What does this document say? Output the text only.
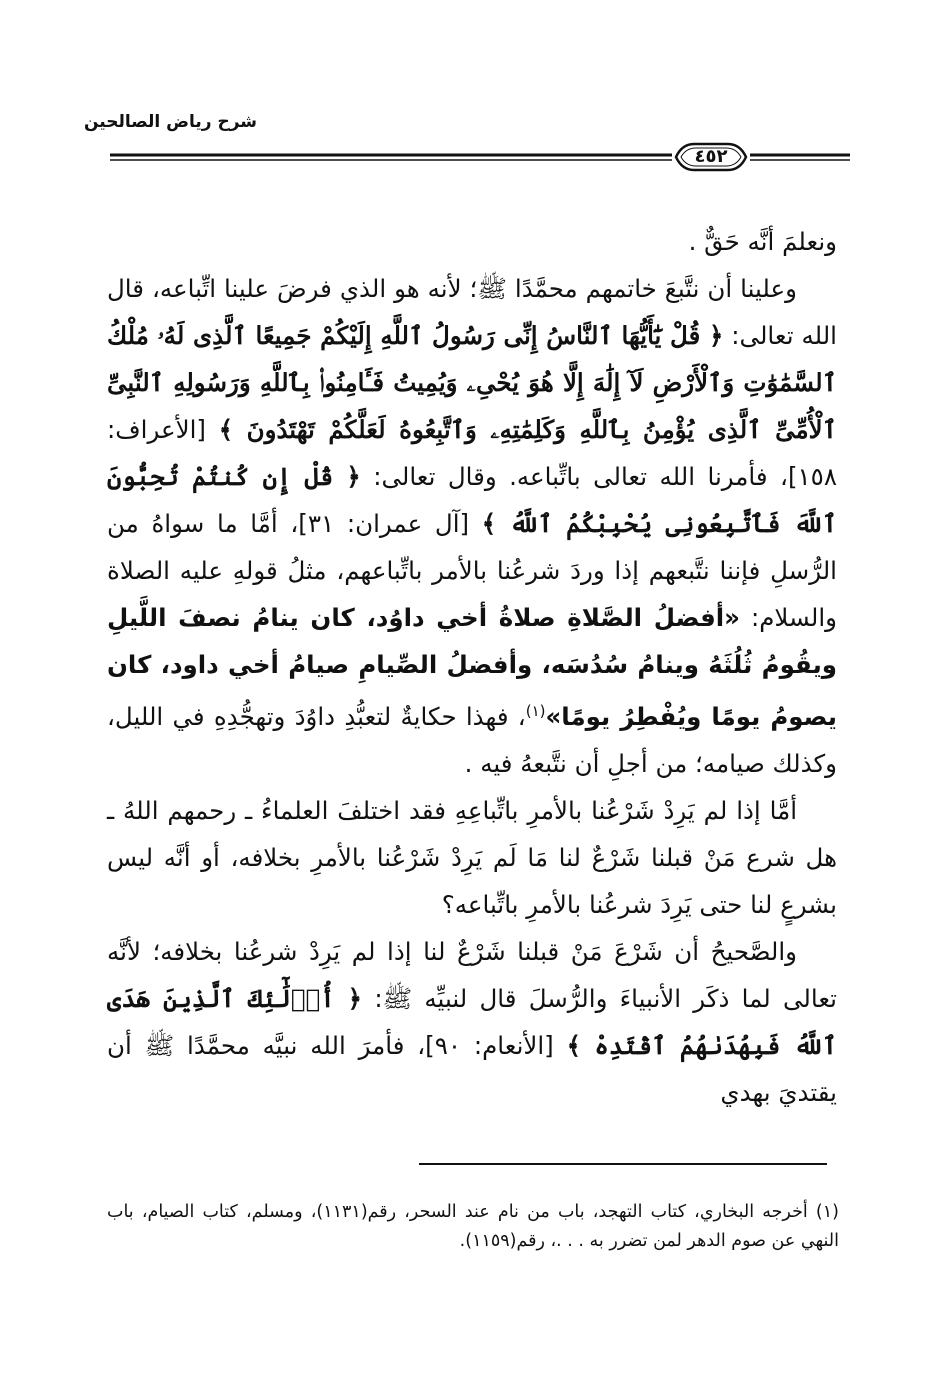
شرح رياض الصالحين
٤٥٢

ونعلمَ أنَّه حَقٌّ .

وعلينا أن نتَّبعَ خاتمهم محمَّدًا ﷺ؛ لأنه هو الذي فرضَ علينا اتِّباعه، قال الله تعالى: ﴿ قُلْ يَٰٓأَيُّهَا ٱلنَّاسُ إِنِّى رَسُولُ ٱللَّهِ إِلَيْكُمْ جَمِيعًا ٱلَّذِى لَهُۥ مُلْكُ ٱلسَّمَٰوَٰتِ وَٱلْأَرْضِ لَآ إِلَٰهَ إِلَّا هُوَ يُحْىِۦ وَيُمِيتُ فَـَٔامِنُوا۟ بِٱللَّهِ وَرَسُولِهِ ٱلنَّبِىِّ ٱلْأُمِّىِّ ٱلَّذِى يُؤْمِنُ بِٱللَّهِ وَكَلِمَٰتِهِۦ وَٱتَّبِعُوهُ لَعَلَّكُمْ تَهْتَدُونَ ﴾ [الأعراف: ١٥٨]، فأمرنا الله تعالى باتِّباعه. وقال تعالى: ﴿ قُلْ إِن كُنتُمْ تُحِبُّونَ ٱللَّهَ فَٱتَّبِعُونِى يُحْبِبْكُمُ ٱللَّهُ ﴾ [آل عمران: ٣١]، أمَّا ما سواهُ من الرُّسلِ فإننا نتَّبعهم إذا وردَ شرعُنا بالأمر باتِّباعهم، مثلُ قولهِ عليه الصلاة والسلام: «أفضلُ الصَّلاةِ صلاةُ أخي داوُد، كان ينامُ نصفَ اللَّيلِ ويقُومُ ثُلُثَهُ وينامُ سُدُسَه، وأفضلُ الصِّيامِ صيامُ أخي داود، كان يصومُ يومًا ويُفْطِرُ يومًا»$^{(١)}$، فهذا حكايةٌ لتعبُّدِ داوُدَ وتهجُّدِهِ في الليل، وكذلك صيامه؛ من أجلِ أن نتَّبعهُ فيه .

أمَّا إذا لم يَرِدْ شَرْعُنا بالأمرِ باتِّباعِهِ فقد اختلفَ العلماءُ ـ رحمهم اللهُ ـ هل شرع مَنْ قبلنا شَرْعٌ لنا مَا لَم يَرِدْ شَرْعُنا بالأمرِ بخلافه، أو أنَّه ليس بشرعٍ لنا حتى يَرِدَ شرعُنا بالأمرِ باتِّباعه؟

والصَّحيحُ أن شَرْعَ مَنْ قبلنا شَرْعٌ لنا إذا لم يَرِدْ شرعُنا بخلافه؛ لأنَّه تعالى لما ذكَر الأنبياءَ والرُّسلَ قال لنبيِّه ﷺ: ﴿ أُو۟لَٰٓئِكَ ٱلَّذِينَ هَدَى ٱللَّهُ فَبِهُدَىٰهُمُ ٱقْتَدِهْ ﴾ [الأنعام: ٩٠]، فأمرَ الله نبيَّه محمَّدًا ﷺ أن يقتديَ بهدي

(١) أخرجه البخاري، كتاب التهجد، باب من نام عند السحر، رقم(١١٣١)، ومسلم، كتاب الصيام، باب النهي عن صوم الدهر لمن تضرر به . . .، رقم(١١٥٩).
